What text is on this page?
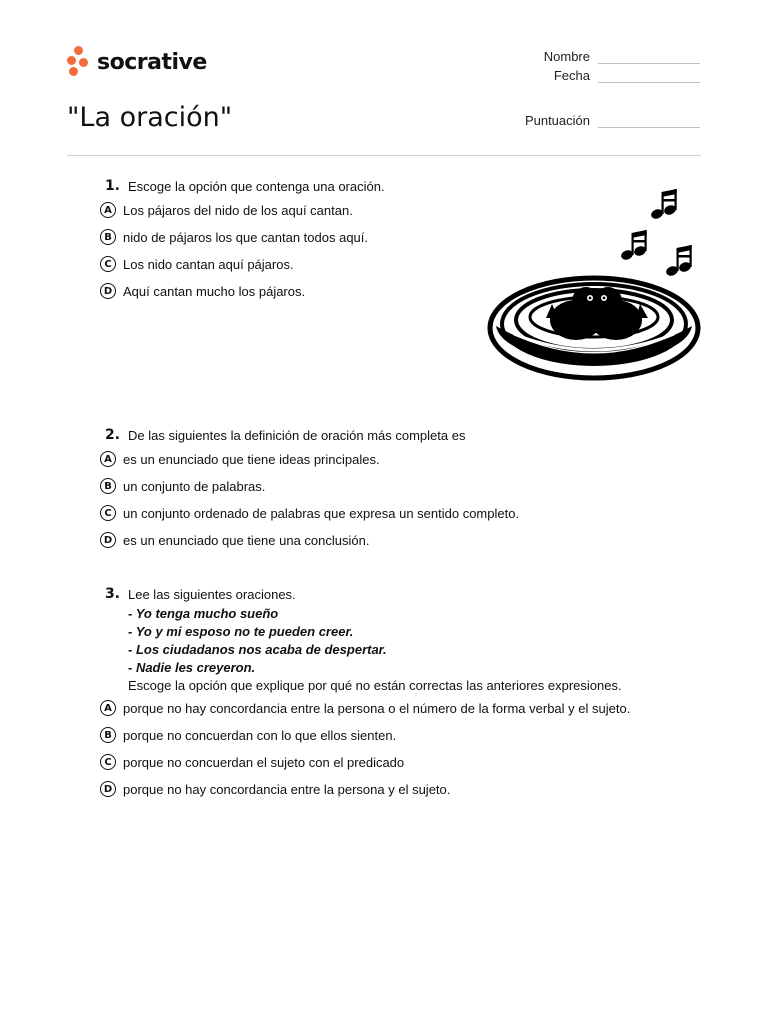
socrative	Nombre
Fecha
Puntuación
"La oración"
1. Escoge la opción que contenga una oración.
A Los pájaros del nido de los aquí cantan.
B nido de pájaros los que cantan todos aquí.
C Los nido cantan aquí pájaros.
D Aquí cantan mucho los pájaros.
2. De las siguientes la definición de oración más completa es
A es un enunciado que tiene ideas principales.
B un conjunto de palabras.
C un conjunto ordenado de palabras que expresa un sentido completo.
D es un enunciado que tiene una conclusión.
3. Lee las siguientes oraciones.
- Yo tenga mucho sueño
- Yo y mi esposo no te pueden creer.
- Los ciudadanos nos acaba de despertar.
- Nadie les creyeron.
Escoge la opción que explique por qué no están correctas las anteriores expresiones.
A porque no hay concordancia entre la persona o el número de la forma verbal y el sujeto.
B porque no concuerdan con lo que ellos sienten.
C porque no concuerdan el sujeto con el predicado
D porque no hay concordancia entre la persona y el sujeto.
